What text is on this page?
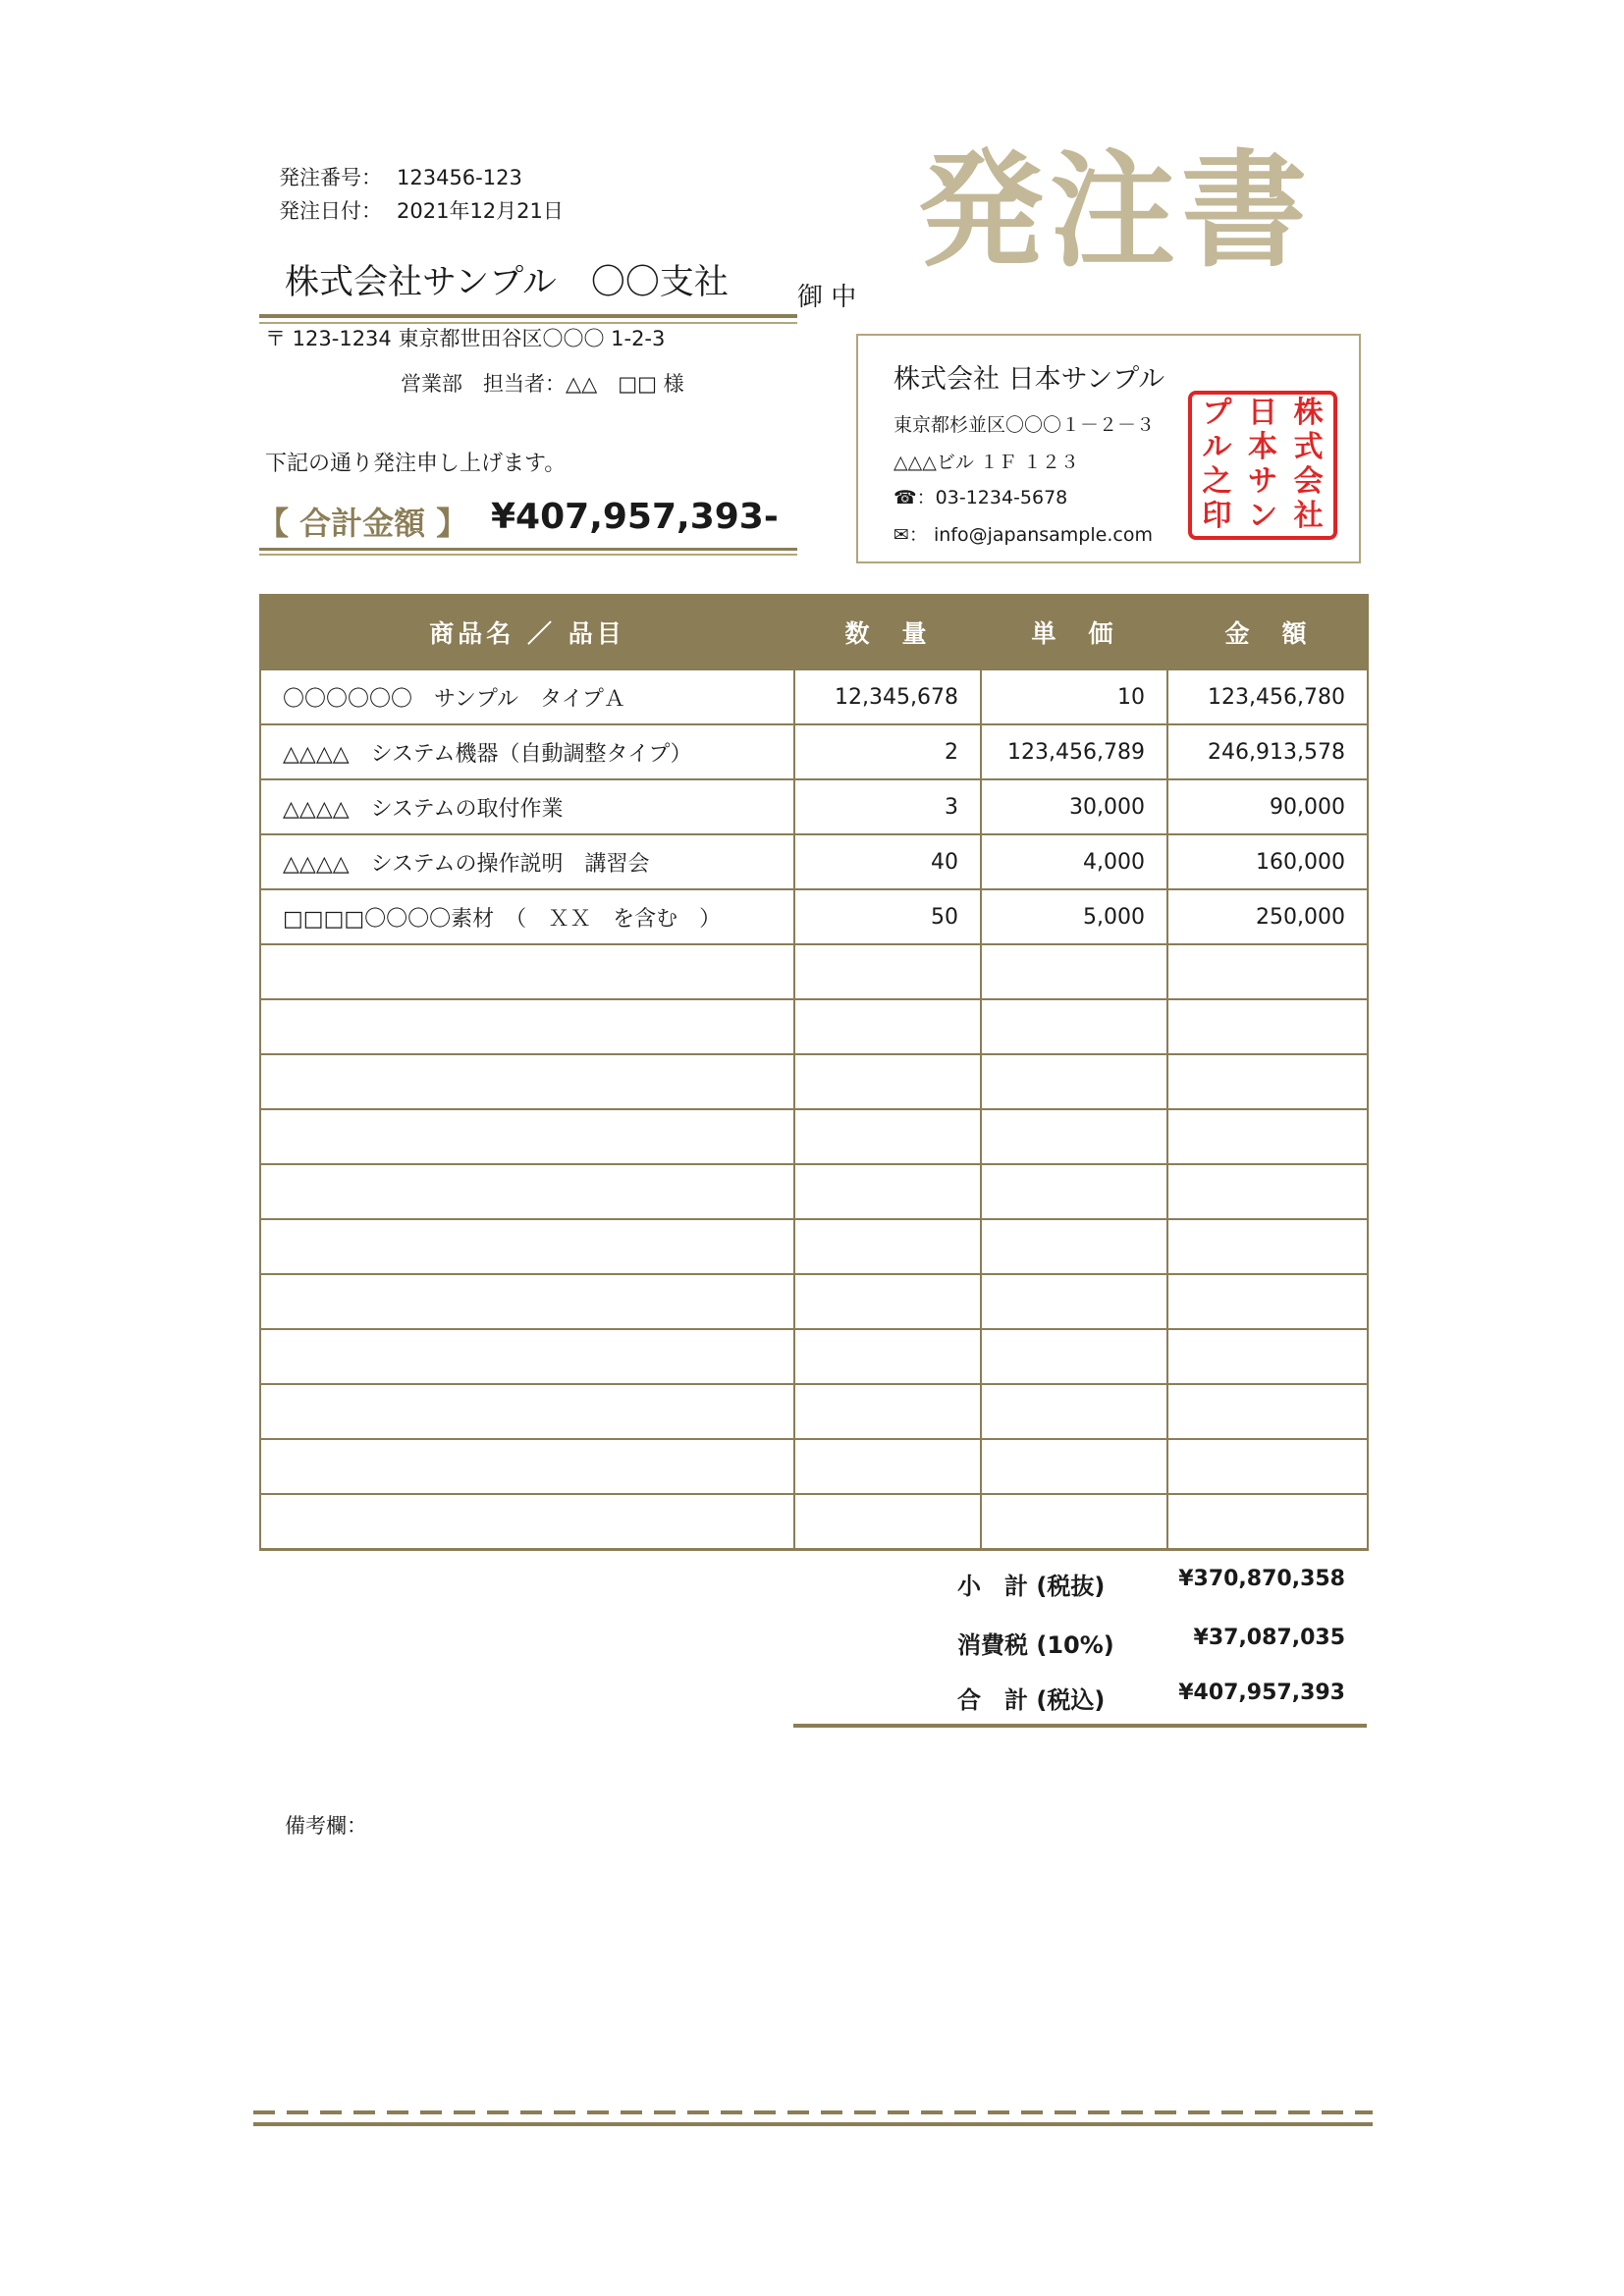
発注番号： 123456-123
発注日付： 2021年12月21日	発注書
株式会社サンプル　〇〇支社	御 中
〒 123-1234 東京都世田谷区〇〇〇 1-2-3
営業部　担当者：△△　□□ 様
下記の通り発注申し上げます。
【 合計金額 】 ¥407,957,393-
株式会社 日本サンプル
東京都杉並区〇〇〇１－２－３
△△△ビル １Ｆ １２３
☎：03-1234-5678
✉： info@japansample.com
株
式
会
社
日
本
サ
ン
プ
ル
之
印
商品名 ／ 品目	数　量	単　価	金　額
〇〇〇〇〇〇　サンプル　タイプＡ	12,345,678	10	123,456,780
△△△△　システム機器（自動調整タイプ）	2	123,456,789	246,913,578
△△△△　システムの取付作業	3	30,000	90,000
△△△△　システムの操作説明　講習会	40	4,000	160,000
□□□□〇〇〇〇素材　（　ＸＸ　を含む　）	50	5,000	250,000

小　計 (税抜)	¥370,870,358
消費税 (10%)	¥37,087,035
合　計 (税込)	¥407,957,393
備考欄：
